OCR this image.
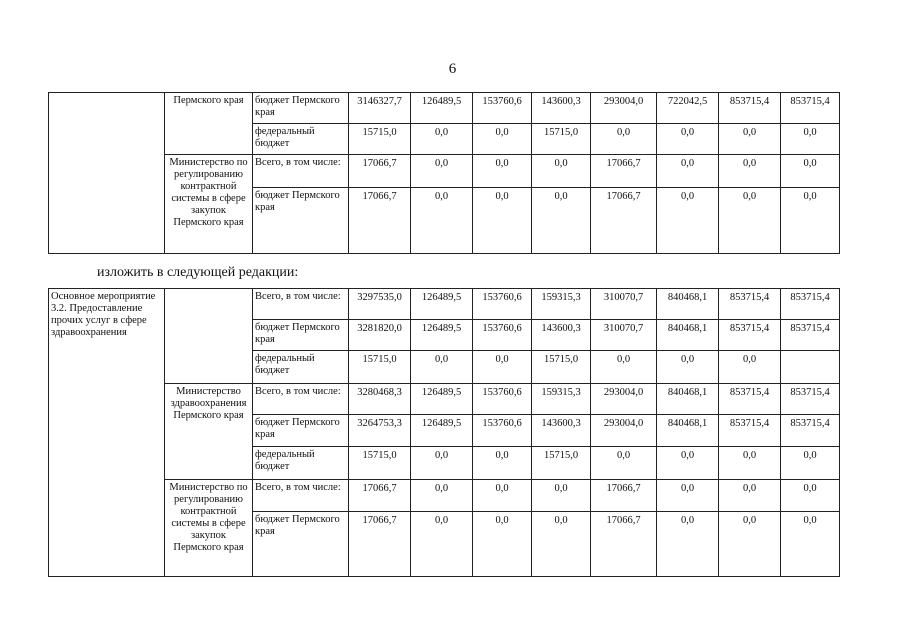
6
	Пермского края	бюджет Пермского края	3146327,7	126489,5	153760,6	143600,3	293004,0	722042,5	853715,4	853715,4
		федеральный бюджет	15715,0	0,0	0,0	15715,0	0,0	0,0	0,0	0,0
	Министерство по регулированию контрактной системы в сфере закупок Пермского края	Всего, в том числе:	17066,7	0,0	0,0	0,0	17066,7	0,0	0,0	0,0
		бюджет Пермского края	17066,7	0,0	0,0	0,0	17066,7	0,0	0,0	0,0
изложить в следующей редакции:
Основное мероприятие 3.2. Предоставление прочих услуг в сфере здравоохранения		Всего, в том числе:	3297535,0	126489,5	153760,6	159315,3	310070,7	840468,1	853715,4	853715,4
		бюджет Пермского края	3281820,0	126489,5	153760,6	143600,3	310070,7	840468,1	853715,4	853715,4
		федеральный бюджет	15715,0	0,0	0,0	15715,0	0,0	0,0	0,0	
	Министерство здравоохранения Пермского края	Всего, в том числе:	3280468,3	126489,5	153760,6	159315,3	293004,0	840468,1	853715,4	853715,4
		бюджет Пермского края	3264753,3	126489,5	153760,6	143600,3	293004,0	840468,1	853715,4	853715,4
		федеральный бюджет	15715,0	0,0	0,0	15715,0	0,0	0,0	0,0	0,0
	Министерство по регулированию контрактной системы в сфере закупок Пермского края	Всего, в том числе:	17066,7	0,0	0,0	0,0	17066,7	0,0	0,0	0,0
		бюджет Пермского края	17066,7	0,0	0,0	0,0	17066,7	0,0	0,0	0,0
